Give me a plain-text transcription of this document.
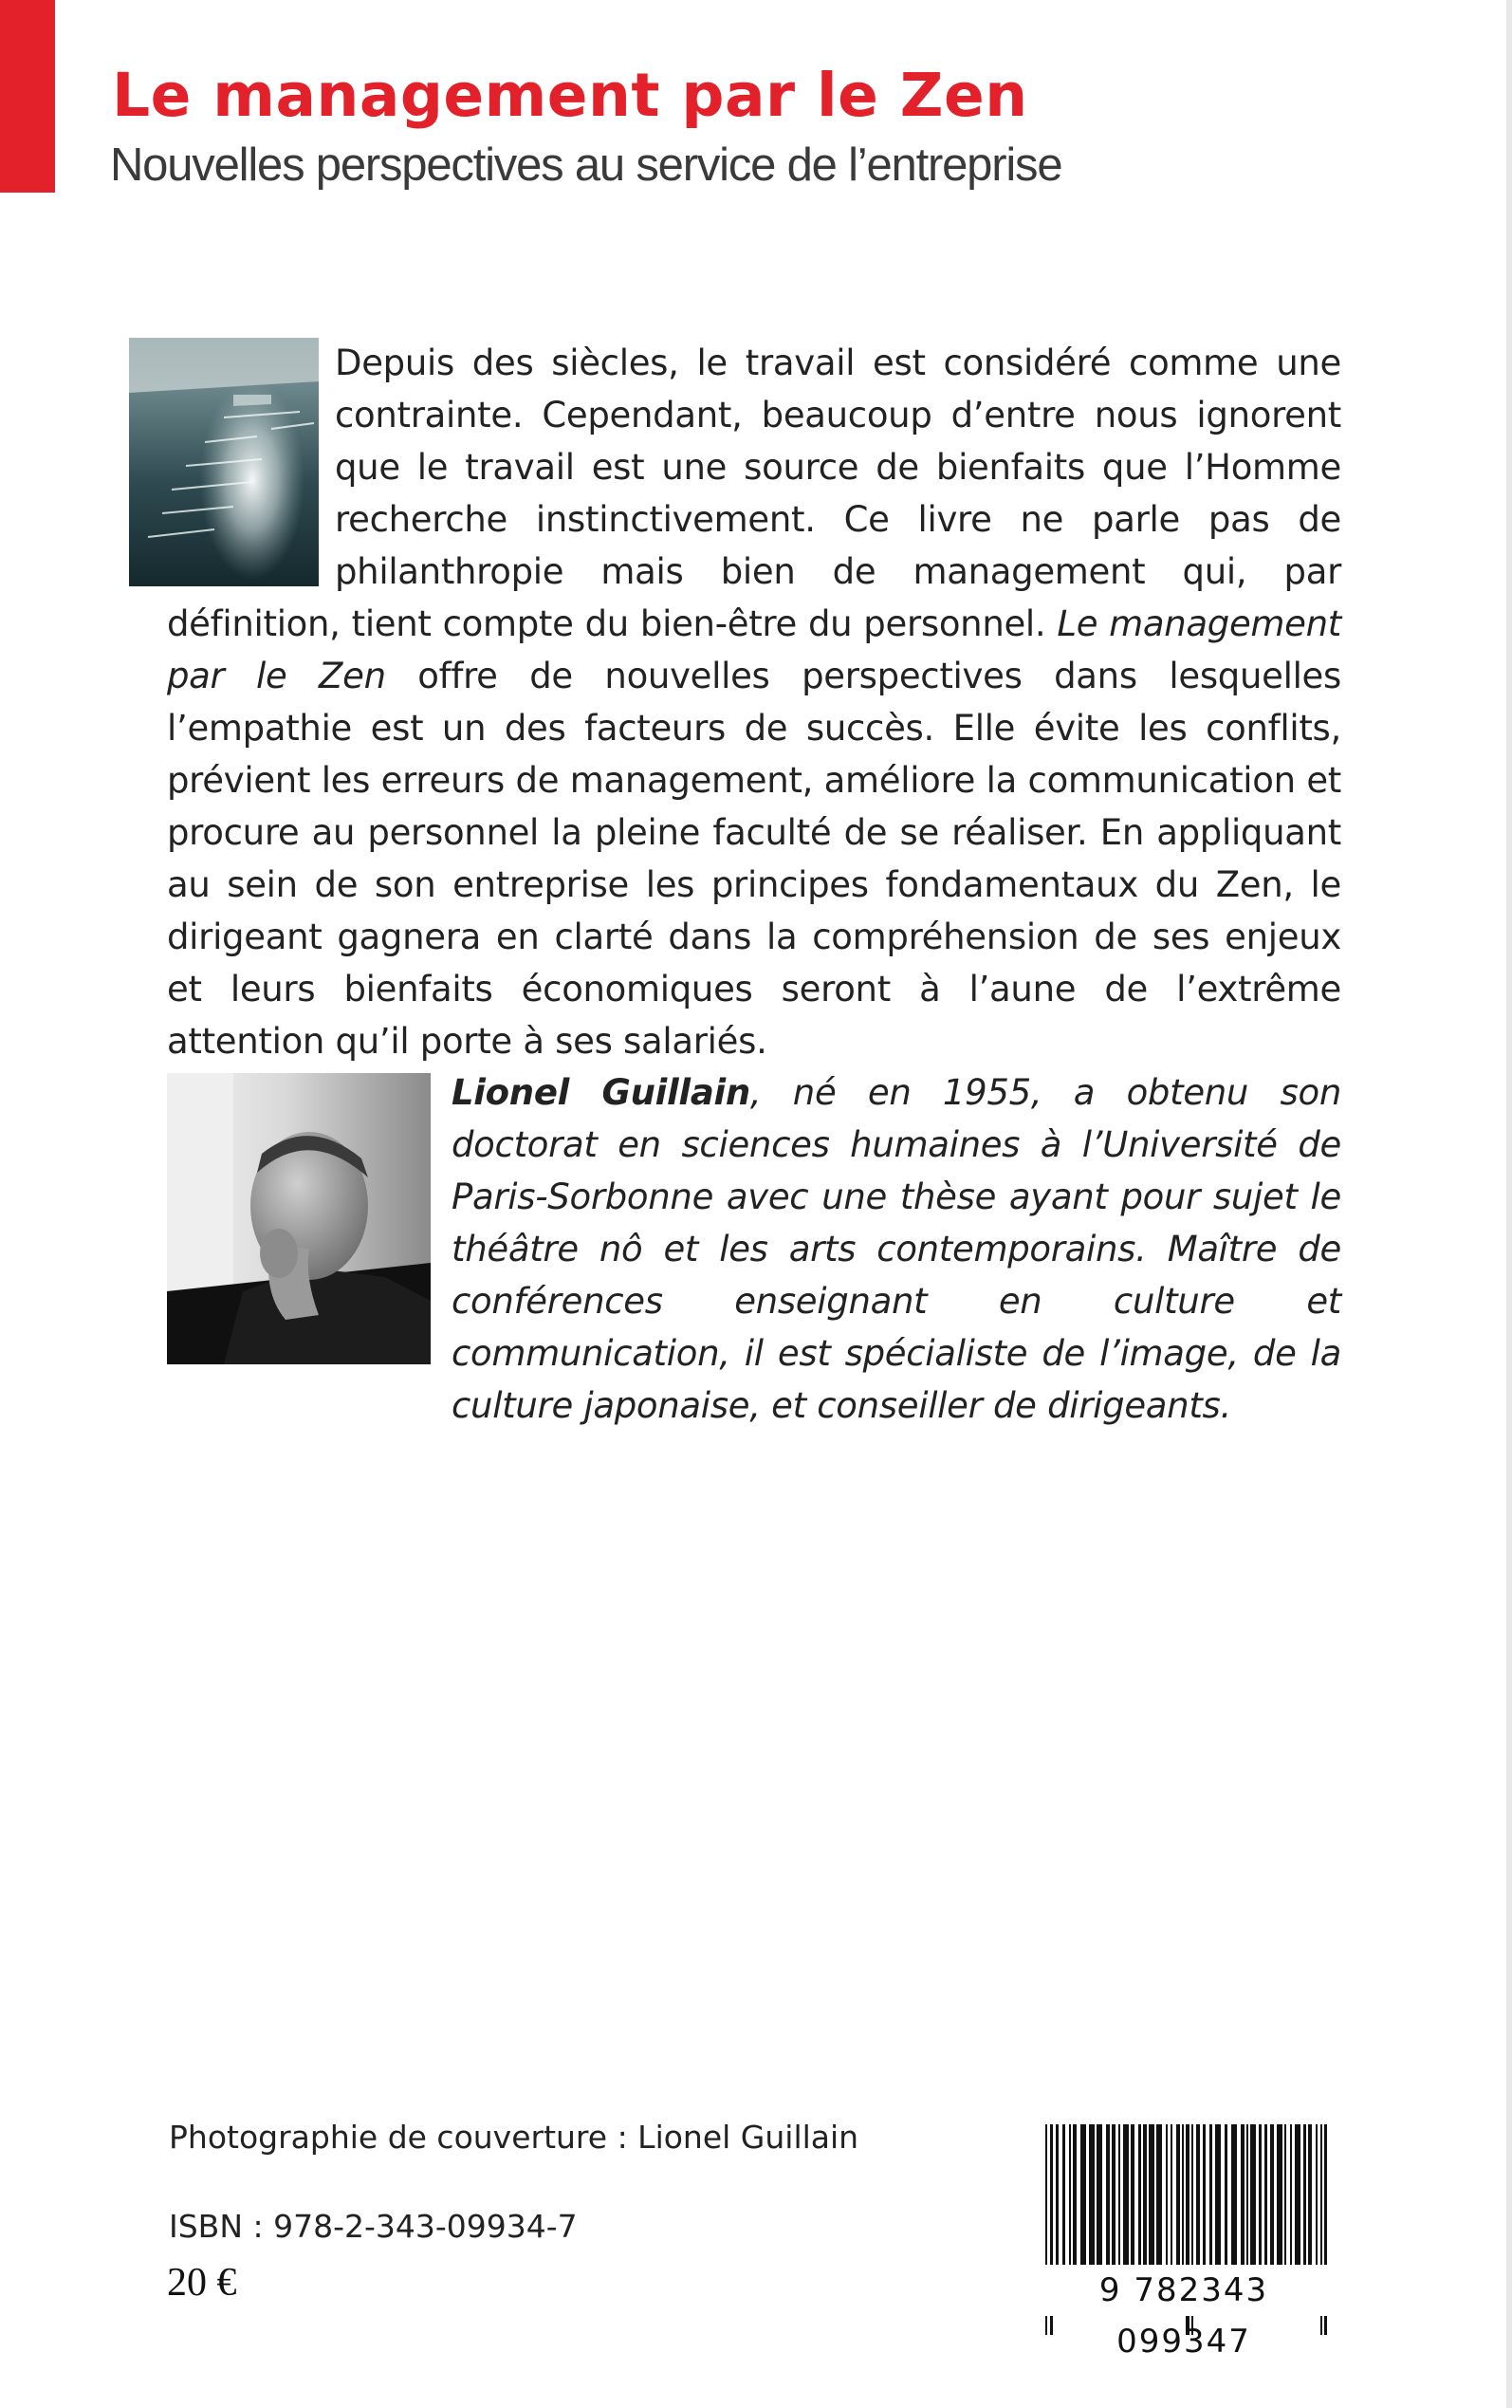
Le management par le Zen
Nouvelles perspectives au service de l’entreprise

Depuis des siècles, le travail est considéré comme une contrainte. Cependant, beaucoup d’entre nous ignorent que le travail est une source de bienfaits que l’Homme recherche instinctivement. Ce livre ne parle pas de philanthropie mais bien de management qui, par définition, tient compte du bien-être du personnel. Le management par le Zen offre de nouvelles perspectives dans lesquelles l’empathie est un des facteurs de succès. Elle évite les conflits, prévient les erreurs de management, améliore la communication et procure au personnel la pleine faculté de se réaliser. En appliquant au sein de son entreprise les principes fondamentaux du Zen, le dirigeant gagnera en clarté dans la compréhension de ses enjeux et leurs bienfaits économiques seront à l’aune de l’extrême attention qu’il porte à ses salariés.

Lionel Guillain, né en 1955, a obtenu son doctorat en sciences humaines à l’Université de Paris-Sorbonne avec une thèse ayant pour sujet le théâtre nô et les arts contemporains. Maître de conférences enseignant en culture et communication, il est spécialiste de l’image, de la culture japonaise, et conseiller de dirigeants.

Photographie de couverture : Lionel Guillain
ISBN : 978-2-343-09934-7
20 €	9 782343 099347
